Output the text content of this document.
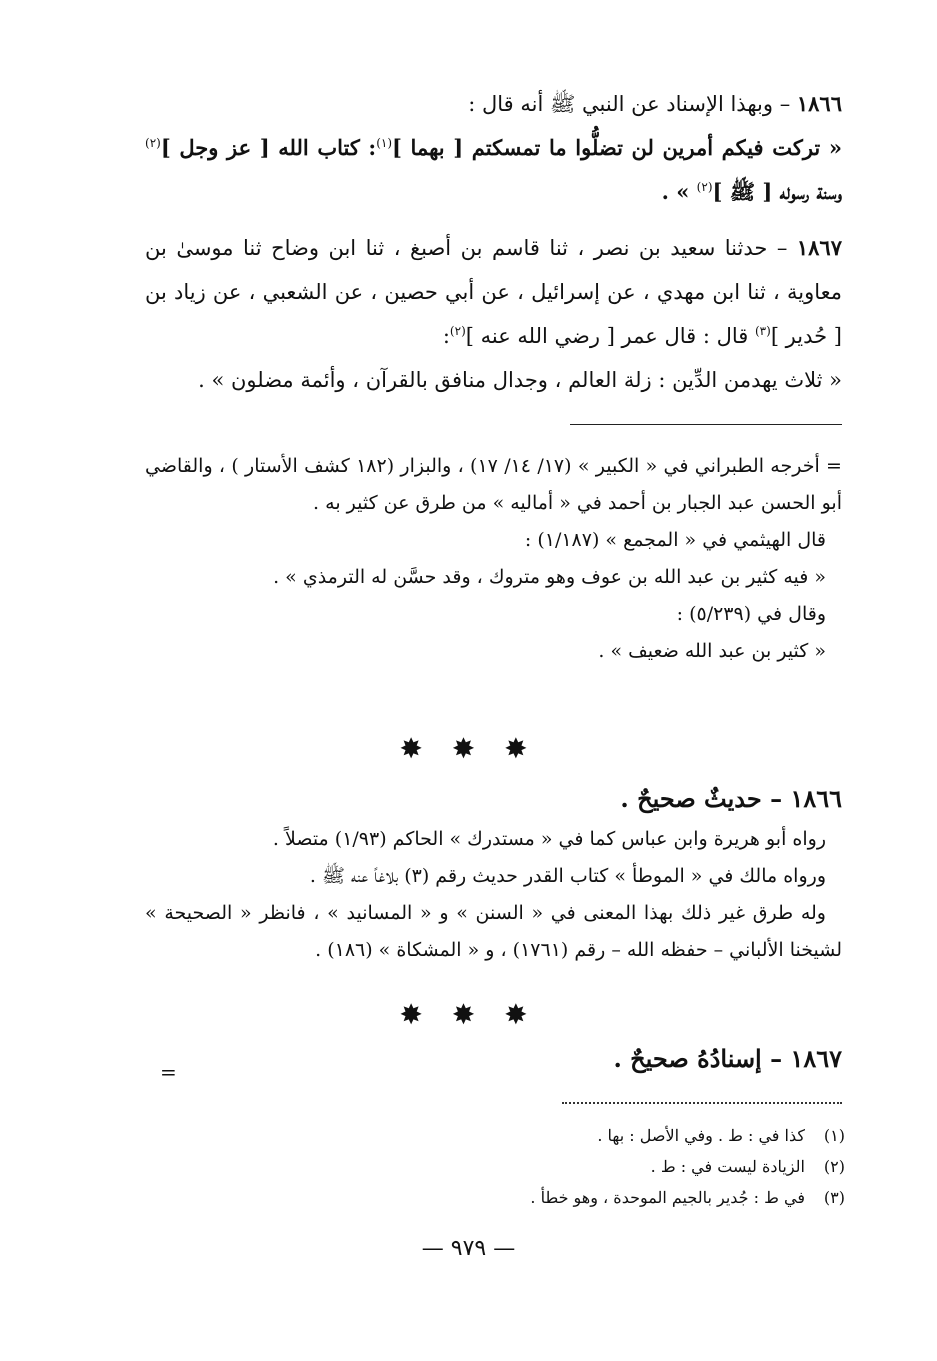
١٨٦٦ – وبهذا الإسناد عن النبي ﷺ أنه قال :
« تركت فيكم أمرين لن تضلُّوا ما تمسكتم [ بهما ]$^{(١)}$: كتاب الله [ عز وجل ]$^{(٢)}$ وسنة رسوله [ ﷺ ]$^{(٢)}$ » .
١٨٦٧ – حدثنا سعيد بن نصر ، ثنا قاسم بن أصبغ ، ثنا ابن وضاح ثنا موسىٰ بن معاوية ، ثنا ابن مهدي ، عن إسرائيل ، عن أبي حصين ، عن الشعبي ، عن زياد بن [ حُدير ]$^{(٣)}$ قال : قال عمر [ رضي الله عنه ]$^{(٢)}$:
« ثلاث يهدمن الدِّين : زلة العالم ، وجدال منافق بالقرآن ، وأئمة مضلون » .
= أخرجه الطبراني في « الكبير » (١٧/ ١٤/ ١٧) ، والبزار (١٨٢ كشف الأستار ) ، والقاضي أبو الحسن عبد الجبار بن أحمد في « أماليه » من طرق عن كثير به .
قال الهيثمي في « المجمع » (١/١٨٧) :
« فيه كثير بن عبد الله بن عوف وهو متروك ، وقد حسَّن له الترمذي » .
وقال في (٥/٢٣٩) :
« كثير بن عبد الله ضعيف » .
✸ ✸ ✸
١٨٦٦ – حديثٌ صحيحٌ .
رواه أبو هريرة وابن عباس كما في « مستدرك » الحاكم (١/٩٣) متصلاً .
ورواه مالك في « الموطأ » كتاب القدر حديث رقم (٣) بلاغاً عنه ﷺ .
وله طرق غير ذلك بهذا المعنى في « السنن » و « المسانيد » ، فانظر « الصحيحة » لشيخنا الألباني – حفظه الله – رقم (١٧٦١) ، و « المشكاة » (١٨٦) .
✸ ✸ ✸
١٨٦٧ – إسنادُهُ صحيحٌ .
=
(١)كذا في : ط . وفي الأصل : بها .
(٢)الزيادة ليست في : ط .
(٣)في ط : جُدير بالجيم الموحدة ، وهو خطأ .
— ٩٧٩ —
